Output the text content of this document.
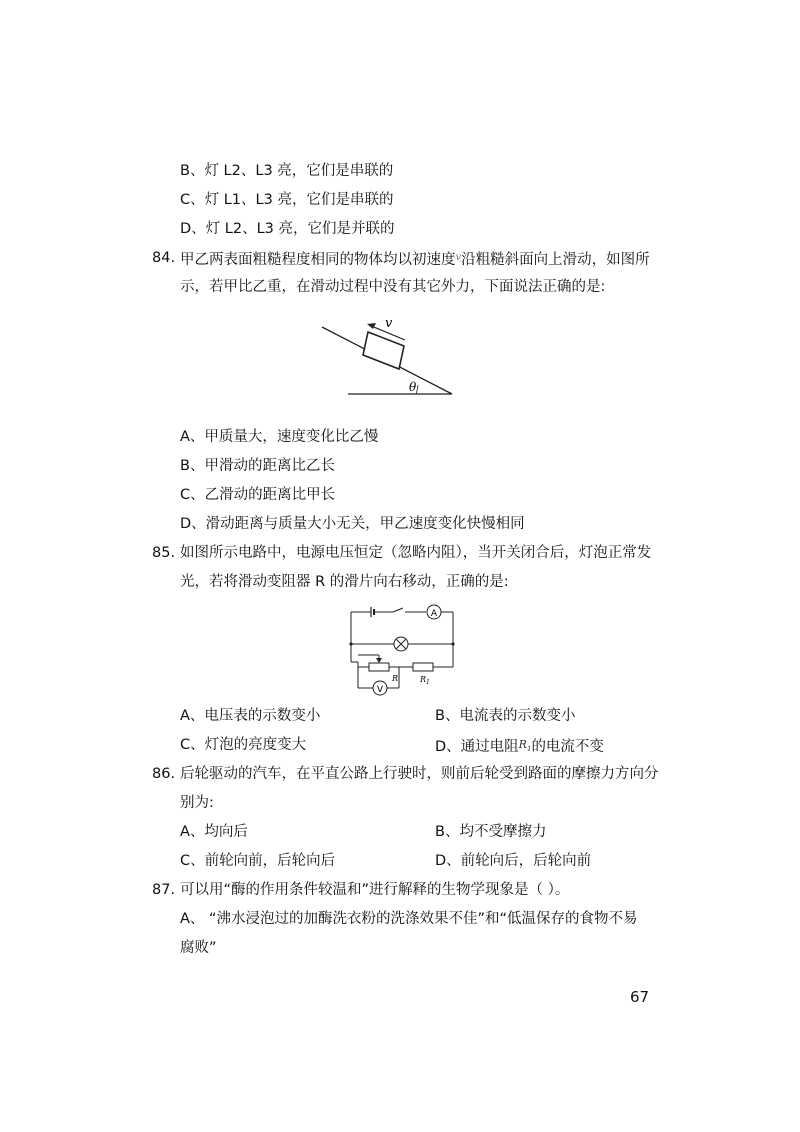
B、灯 L2、L3 亮，它们是串联的
C、灯 L1、L3 亮，它们是串联的
D、灯 L2、L3 亮，它们是并联的
84. 甲乙两表面粗糙程度相同的物体均以初速度$^v$沿粗糙斜面向上滑动，如图所
示，若甲比乙重，在滑动过程中没有其它外力，下面说法正确的是:
v
θ
A、甲质量大，速度变化比乙慢
B、甲滑动的距离比乙长
C、乙滑动的距离比甲长
D、滑动距离与质量大小无关，甲乙速度变化快慢相同
85. 如图所示电路中，电源电压恒定（忽略内阻），当开关闭合后，灯泡正常发
光，若将滑动变阻器 R 的滑片向右移动，正确的是:
A
V
R	$R_1$
A、电压表的示数变小	B、电流表的示数变小
C、灯泡的亮度变大	D、通过电阻$^{R_1}$的电流不变
86. 后轮驱动的汽车，在平直公路上行驶时，则前后轮受到路面的摩擦力方向分
别为:
A、均向后	B、均不受摩擦力
C、前轮向前，后轮向后	D、前轮向后，后轮向前
87. 可以用“酶的作用条件较温和”进行解释的生物学现象是（ ）。
A、 “沸水浸泡过的加酶洗衣粉的洗涤效果不佳”和“低温保存的食物不易
腐败”
67
